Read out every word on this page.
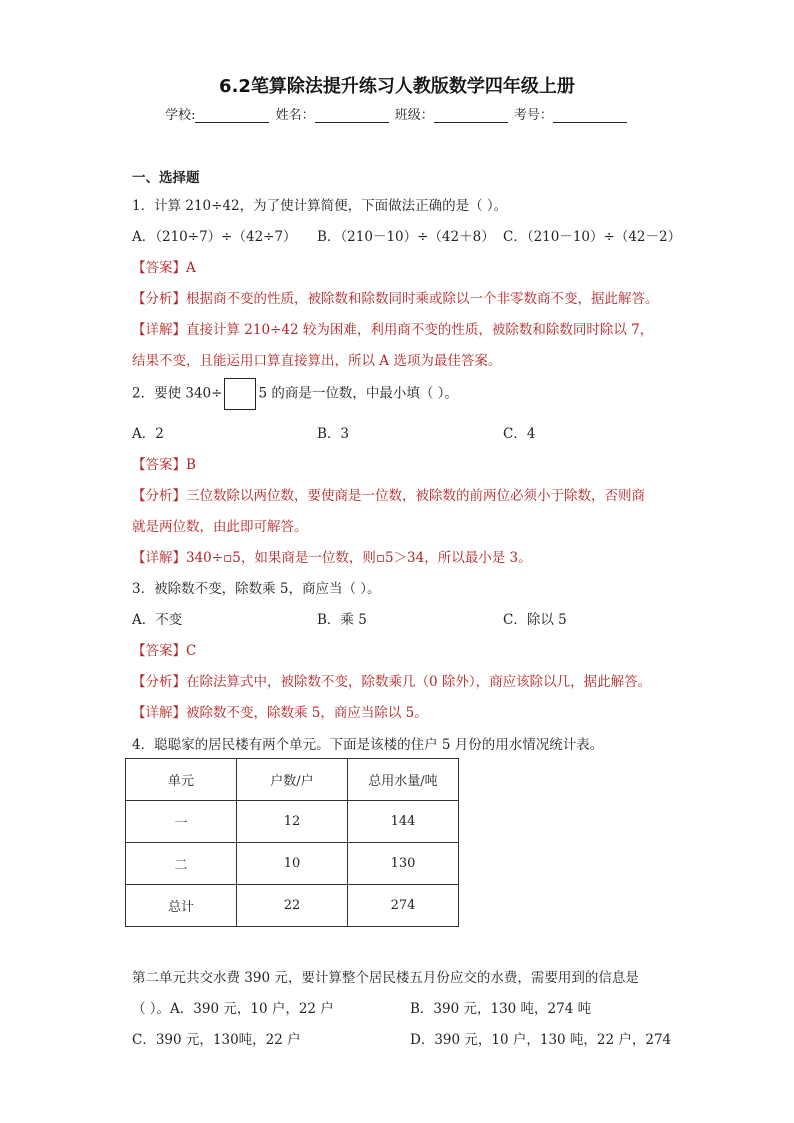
6.2笔算除法提升练习人教版数学四年级上册
学校:	姓名：	班级：	考号：
一、选择题
1．计算 210÷42，为了使计算简便，下面做法正确的是（ ）。
A．（210÷7）÷（42÷7） B．（210－10）÷（42＋8） C．（210－10）÷（42－2）
【答案】A
【分析】根据商不变的性质，被除数和除数同时乘或除以一个非零数商不变，据此解答。
【详解】直接计算 210÷42 较为困难，利用商不变的性质，被除数和除数同时除以 7，
结果不变，且能运用口算直接算出，所以 A 选项为最佳答案。
2．要使 340÷	5 的商是一位数，中最小填（ ）。
A．2	B．3	C．4
【答案】B
【分析】三位数除以两位数，要使商是一位数，被除数的前两位必须小于除数，否则商
就是两位数，由此即可解答。
【详解】340÷▫5，如果商是一位数，则▫5＞34，所以最小是 3。
3．被除数不变，除数乘 5，商应当（ ）。
A．不变	B．乘 5	C．除以 5
【答案】C
【分析】在除法算式中，被除数不变，除数乘几（0 除外），商应该除以几，据此解答。
【详解】被除数不变，除数乘 5，商应当除以 5。
4．聪聪家的居民楼有两个单元。下面是该楼的住户 5 月份的用水情况统计表。
单元	户数/户	总用水量/吨
一	12	144
二	10	130
总计	22	274
第二单元共交水费 390 元，要计算整个居民楼五月份应交的水费，需要用到的信息是
（ ）。A．390 元，10 户，22 户	B．390 元，130 吨，274 吨
C．390 元，130吨，22 户	D．390 元，10 户，130 吨，22 户，274
